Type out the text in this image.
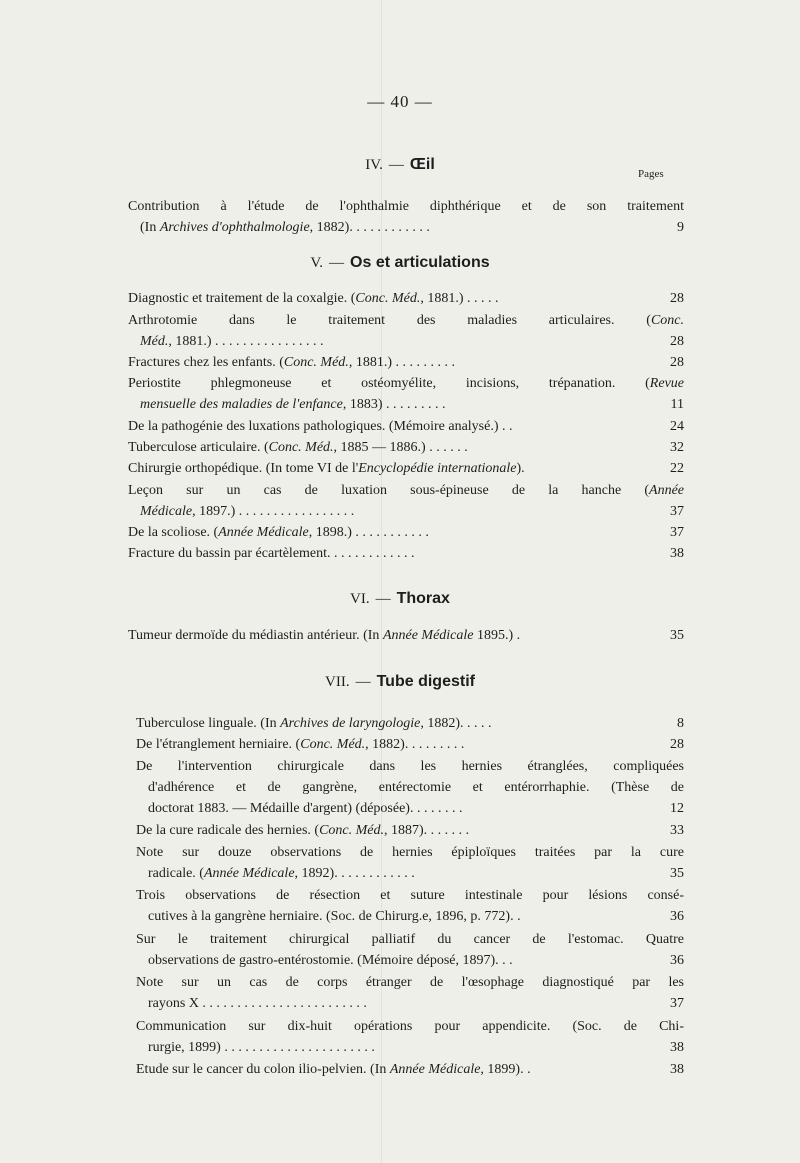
— 40 —
IV. — Œil
Pages
Contribution à l'étude de l'ophthalmie diphthérique et de son traitement
(In Archives d'ophthalmologie, 1882). . . . . . . . . . . .	9
V. — Os et articulations
Diagnostic et traitement de la coxalgie. (Conc. Méd., 1881.) . . . . .	28
Arthrotomie dans le traitement des maladies articulaires. (Conc.
Méd., 1881.) . . . . . . . . . . . . . . . .	28
Fractures chez les enfants. (Conc. Méd., 1881.) . . . . . . . . .	28
Periostite phlegmoneuse et ostéomyélite, incisions, trépanation. (Revue
mensuelle des maladies de l'enfance, 1883) . . . . . . . . .	11
De la pathogénie des luxations pathologiques. (Mémoire analysé.) . .	24
Tuberculose articulaire. (Conc. Méd., 1885 — 1886.) . . . . . .	32
Chirurgie orthopédique. (In tome VI de l'Encyclopédie internationale).	22
Leçon sur un cas de luxation sous-épineuse de la hanche (Année
Médicale, 1897.) . . . . . . . . . . . . . . . . .	37
De la scoliose. (Année Médicale, 1898.) . . . . . . . . . . .	37
Fracture du bassin par écartèlement. . . . . . . . . . . . .	38
VI. — Thorax
Tumeur dermoïde du médiastin antérieur. (In Année Médicale 1895.) .	35
VII. — Tube digestif
Tuberculose linguale. (In Archives de laryngologie, 1882). . . . .	8
De l'étranglement herniaire. (Conc. Méd., 1882). . . . . . . . .	28
De l'intervention chirurgicale dans les hernies étranglées, compliquées
d'adhérence et de gangrène, entérectomie et entérorrhaphie. (Thèse de
doctorat 1883. — Médaille d'argent) (déposée). . . . . . . .	12
De la cure radicale des hernies. (Conc. Méd., 1887). . . . . . .	33
Note sur douze observations de hernies épiploïques traitées par la cure
radicale. (Année Médicale, 1892). . . . . . . . . . . .	35
Trois observations de résection et suture intestinale pour lésions consé-
cutives à la gangrène herniaire. (Soc. de Chirurg.e, 1896, p. 772). .	36
Sur le traitement chirurgical palliatif du cancer de l'estomac. Quatre
observations de gastro-entérostomie. (Mémoire déposé, 1897). . .	36
Note sur un cas de corps étranger de l'œsophage diagnostiqué par les
rayons X . . . . . . . . . . . . . . . . . . . . . . . .	37
Communication sur dix-huit opérations pour appendicite. (Soc. de Chi-
rurgie, 1899) . . . . . . . . . . . . . . . . . . . . . .	38
Etude sur le cancer du colon ilio-pelvien. (In Année Médicale, 1899). .	38
